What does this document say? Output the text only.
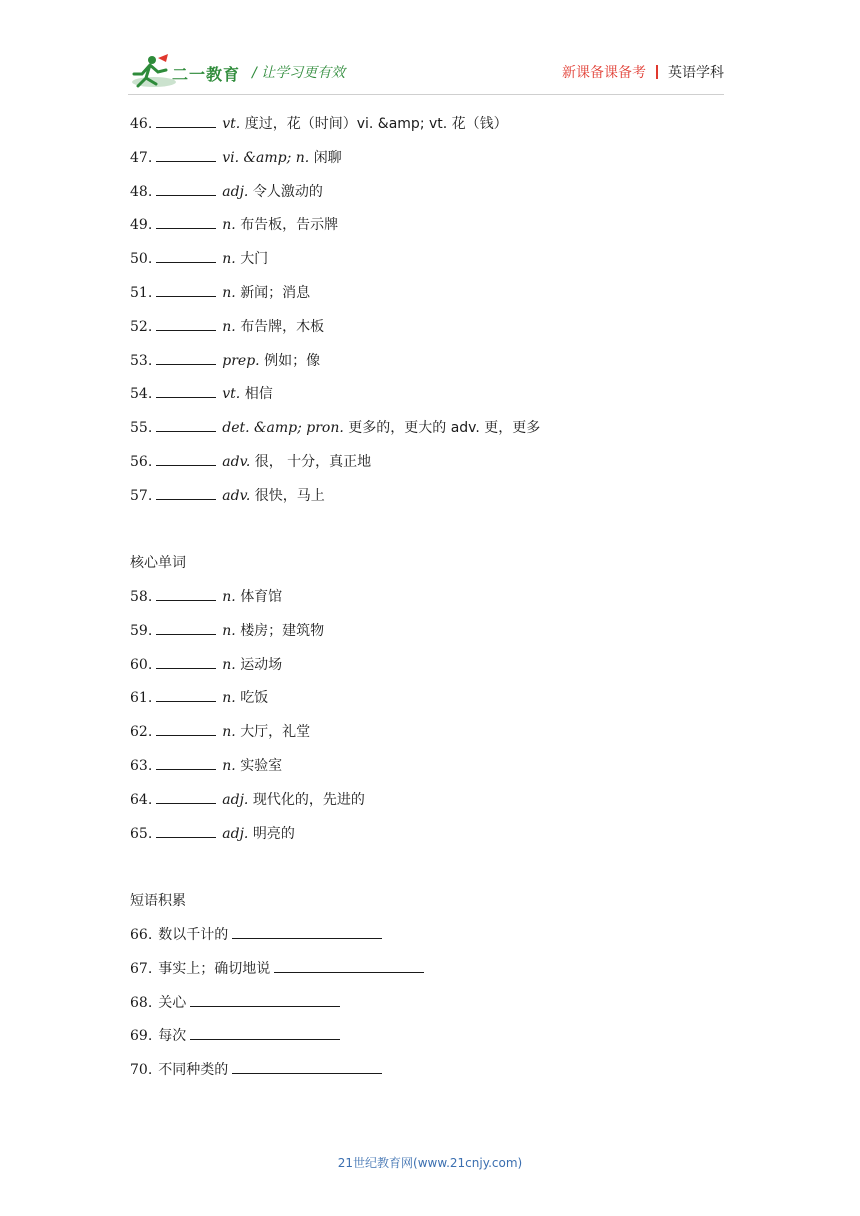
二一教育 / 让学习更有效	新课备课备考 英语学科
46.	vt. 度过，花（时间）vi. &amp; vt. 花（钱）
47.	vi. &amp; n. 闲聊
48.	adj. 令人激动的
49.	n. 布告板，告示牌
50.	n. 大门
51.	n. 新闻；消息
52.	n. 布告牌，木板
53.	prep. 例如；像
54.	vt. 相信
55.	det. &amp; pron. 更多的，更大的 adv. 更，更多
56.	adv. 很， 十分，真正地
57.	adv. 很快，马上
核心单词
58.	n. 体育馆
59.	n. 楼房；建筑物
60.	n. 运动场
61.	n. 吃饭
62.	n. 大厅，礼堂
63.	n. 实验室
64.	adj. 现代化的，先进的
65.	adj. 明亮的
短语积累
66. 数以千计的
67. 事实上；确切地说
68. 关心
69. 每次
70. 不同种类的
21世纪教育网(www.21cnjy.com)
